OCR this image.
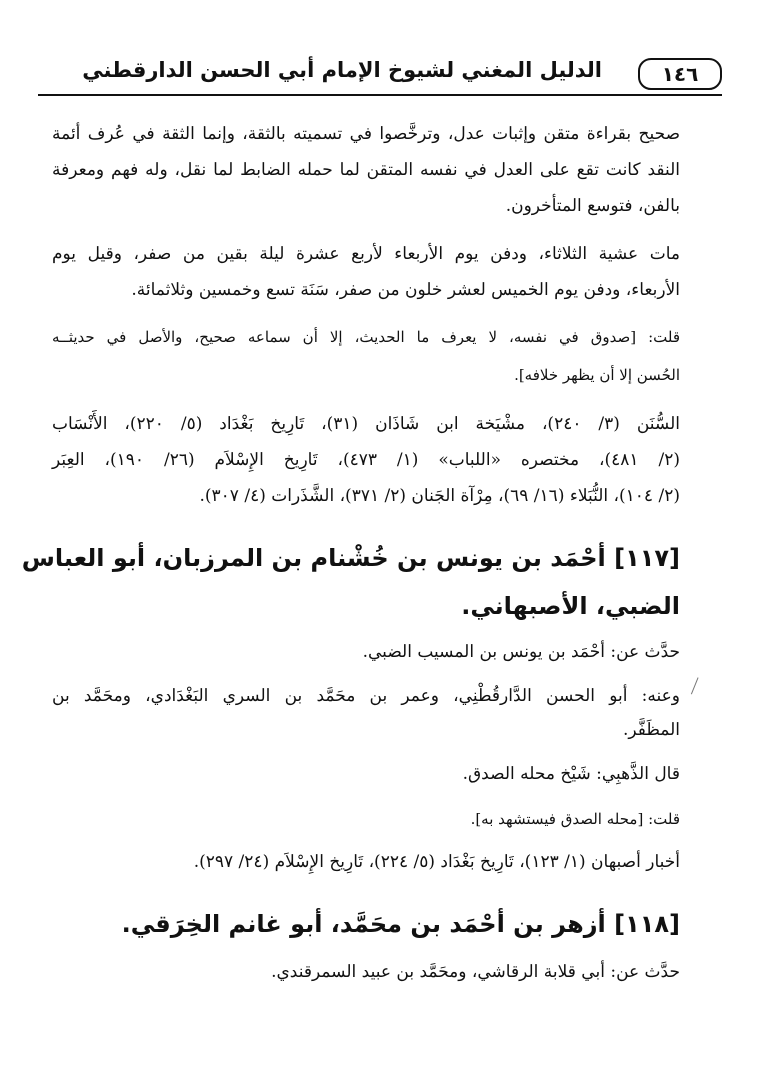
الدليل المغني لشيوخ الإمام أبي الحسن الدارقطني	١٤٦
صحيح بقراءة متقن وإثبات عدل، وترخَّصوا في تسميته بالثقة، وإنما الثقة في عُرف أئمة
النقد كانت تقع على العدل في نفسه المتقن لما حمله الضابط لما نقل، وله فهم ومعرفة
بالفن، فتوسع المتأخرون.
مات عشية الثلاثاء، ودفن يوم الأربعاء لأربع عشرة ليلة بقين من صفر، وقيل يوم
الأربعاء، ودفن يوم الخميس لعشر خلون من صفر، سَنَة تسع وخمسين وثلاثمائة.
قلت: [صدوق في نفسه، لا يعرف ما الحديث، إلا أن سماعه صحيح، والأصل في حديثــه
الحُسن إلا أن يظهر خلافه].
السُّنَن (٣/ ٢٤٠)، مشْيَخة ابن شَاذَان (٣١)، تَارِيخ بَغْدَاد (٥/ ٢٢٠)، الأَنْسَاب
(٢/ ٤٨١)، مختصره «اللباب» (١/ ٤٧٣)، تَارِيخ الإِسْلاَم (٢٦/ ١٩٠)، العِبَر
(٢/ ١٠٤)، النُّبَلاء (١٦/ ٦٩)، مِرْآة الجَنان (٢/ ٣٧١)، الشَّذَرات (٤/ ٣٠٧).
[١١٧] أحْمَد بن يونس بن خُشْنام بن المرزبان، أبو العباس
الضبي، الأصبهاني.
حدَّث عن: أحْمَد بن يونس بن المسيب الضبي.
وعنه: أبو الحسن الدَّارقُطْنِي، وعمر بن محَمَّد بن السري البَغْدَادي، ومحَمَّد بن
المظَفَّر.
قال الذَّهبِي: شَيْخ محله الصدق.
قلت: [محله الصدق فيستشهد به].
أخبار أصبهان (١/ ١٢٣)، تَارِيخ بَغْدَاد (٥/ ٢٢٤)، تَارِيخ الإِسْلاَم (٢٤/ ٢٩٧).
[١١٨] أزهر بن أحْمَد بن محَمَّد، أبو غانم الخِرَقي.
حدَّث عن: أبي قلابة الرقاشي، ومحَمَّد بن عبيد السمرقندي.
